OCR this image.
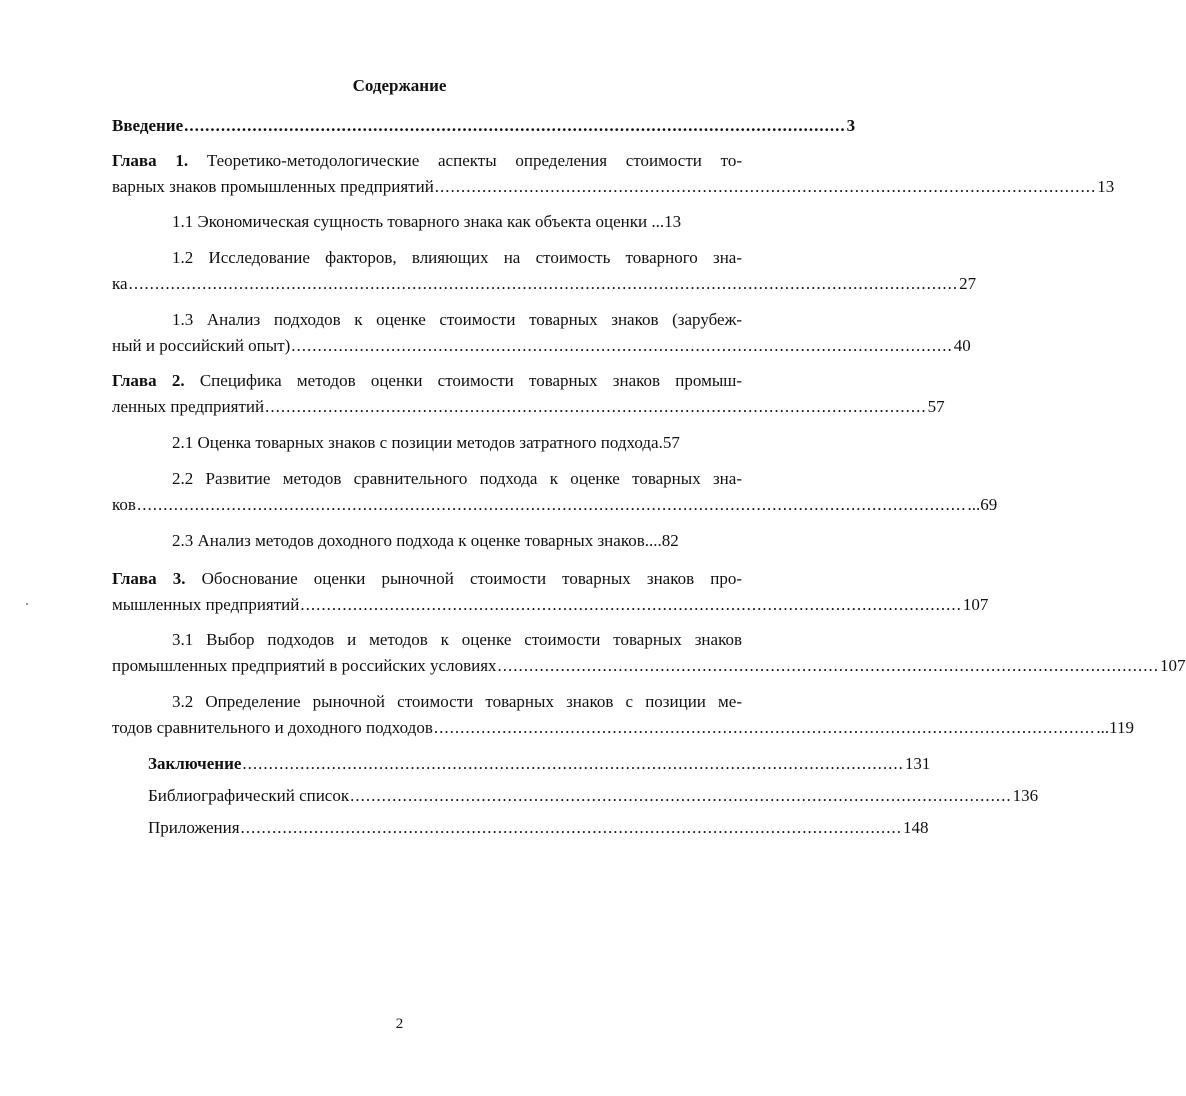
Содержание
Введение .............................................................................................................................. 3
Глава 1. Теоретико-методологические аспекты определения стоимости то-
варных знаков промышленных предприятий .............................................................................................................................. 13
1.1 Экономическая сущность товарного знака как объекта оценки ...13
1.2 Исследование факторов, влияющих на стоимость товарного зна-
ка .............................................................................................................................................................. 27
1.3 Анализ подходов к оценке стоимости товарных знаков (зарубеж-
ный и российский опыт) .............................................................................................................................. 40
Глава 2. Специфика методов оценки стоимости товарных знаков промыш-
ленных предприятий .............................................................................................................................. 57
2.1 Оценка товарных знаков с позиции методов затратного подхода.57
2.2 Развитие методов сравнительного подхода к оценке товарных зна-
ков .............................................................................................................................................................. ...69
2.3 Анализ методов доходного подхода к оценке товарных знаков....82
Глава 3. Обоснование оценки рыночной стоимости товарных знаков про-
мышленных предприятий .............................................................................................................................. 107
3.1 Выбор подходов и методов к оценке стоимости товарных знаков
промышленных предприятий в российских условиях .............................................................................................................................. 107
3.2 Определение рыночной стоимости товарных знаков с позиции ме-
тодов сравнительного и доходного подходов .............................................................................................................................. ...119
Заключение .............................................................................................................................. 131
Библиографический список .............................................................................................................................. 136
Приложения .............................................................................................................................. 148
2
